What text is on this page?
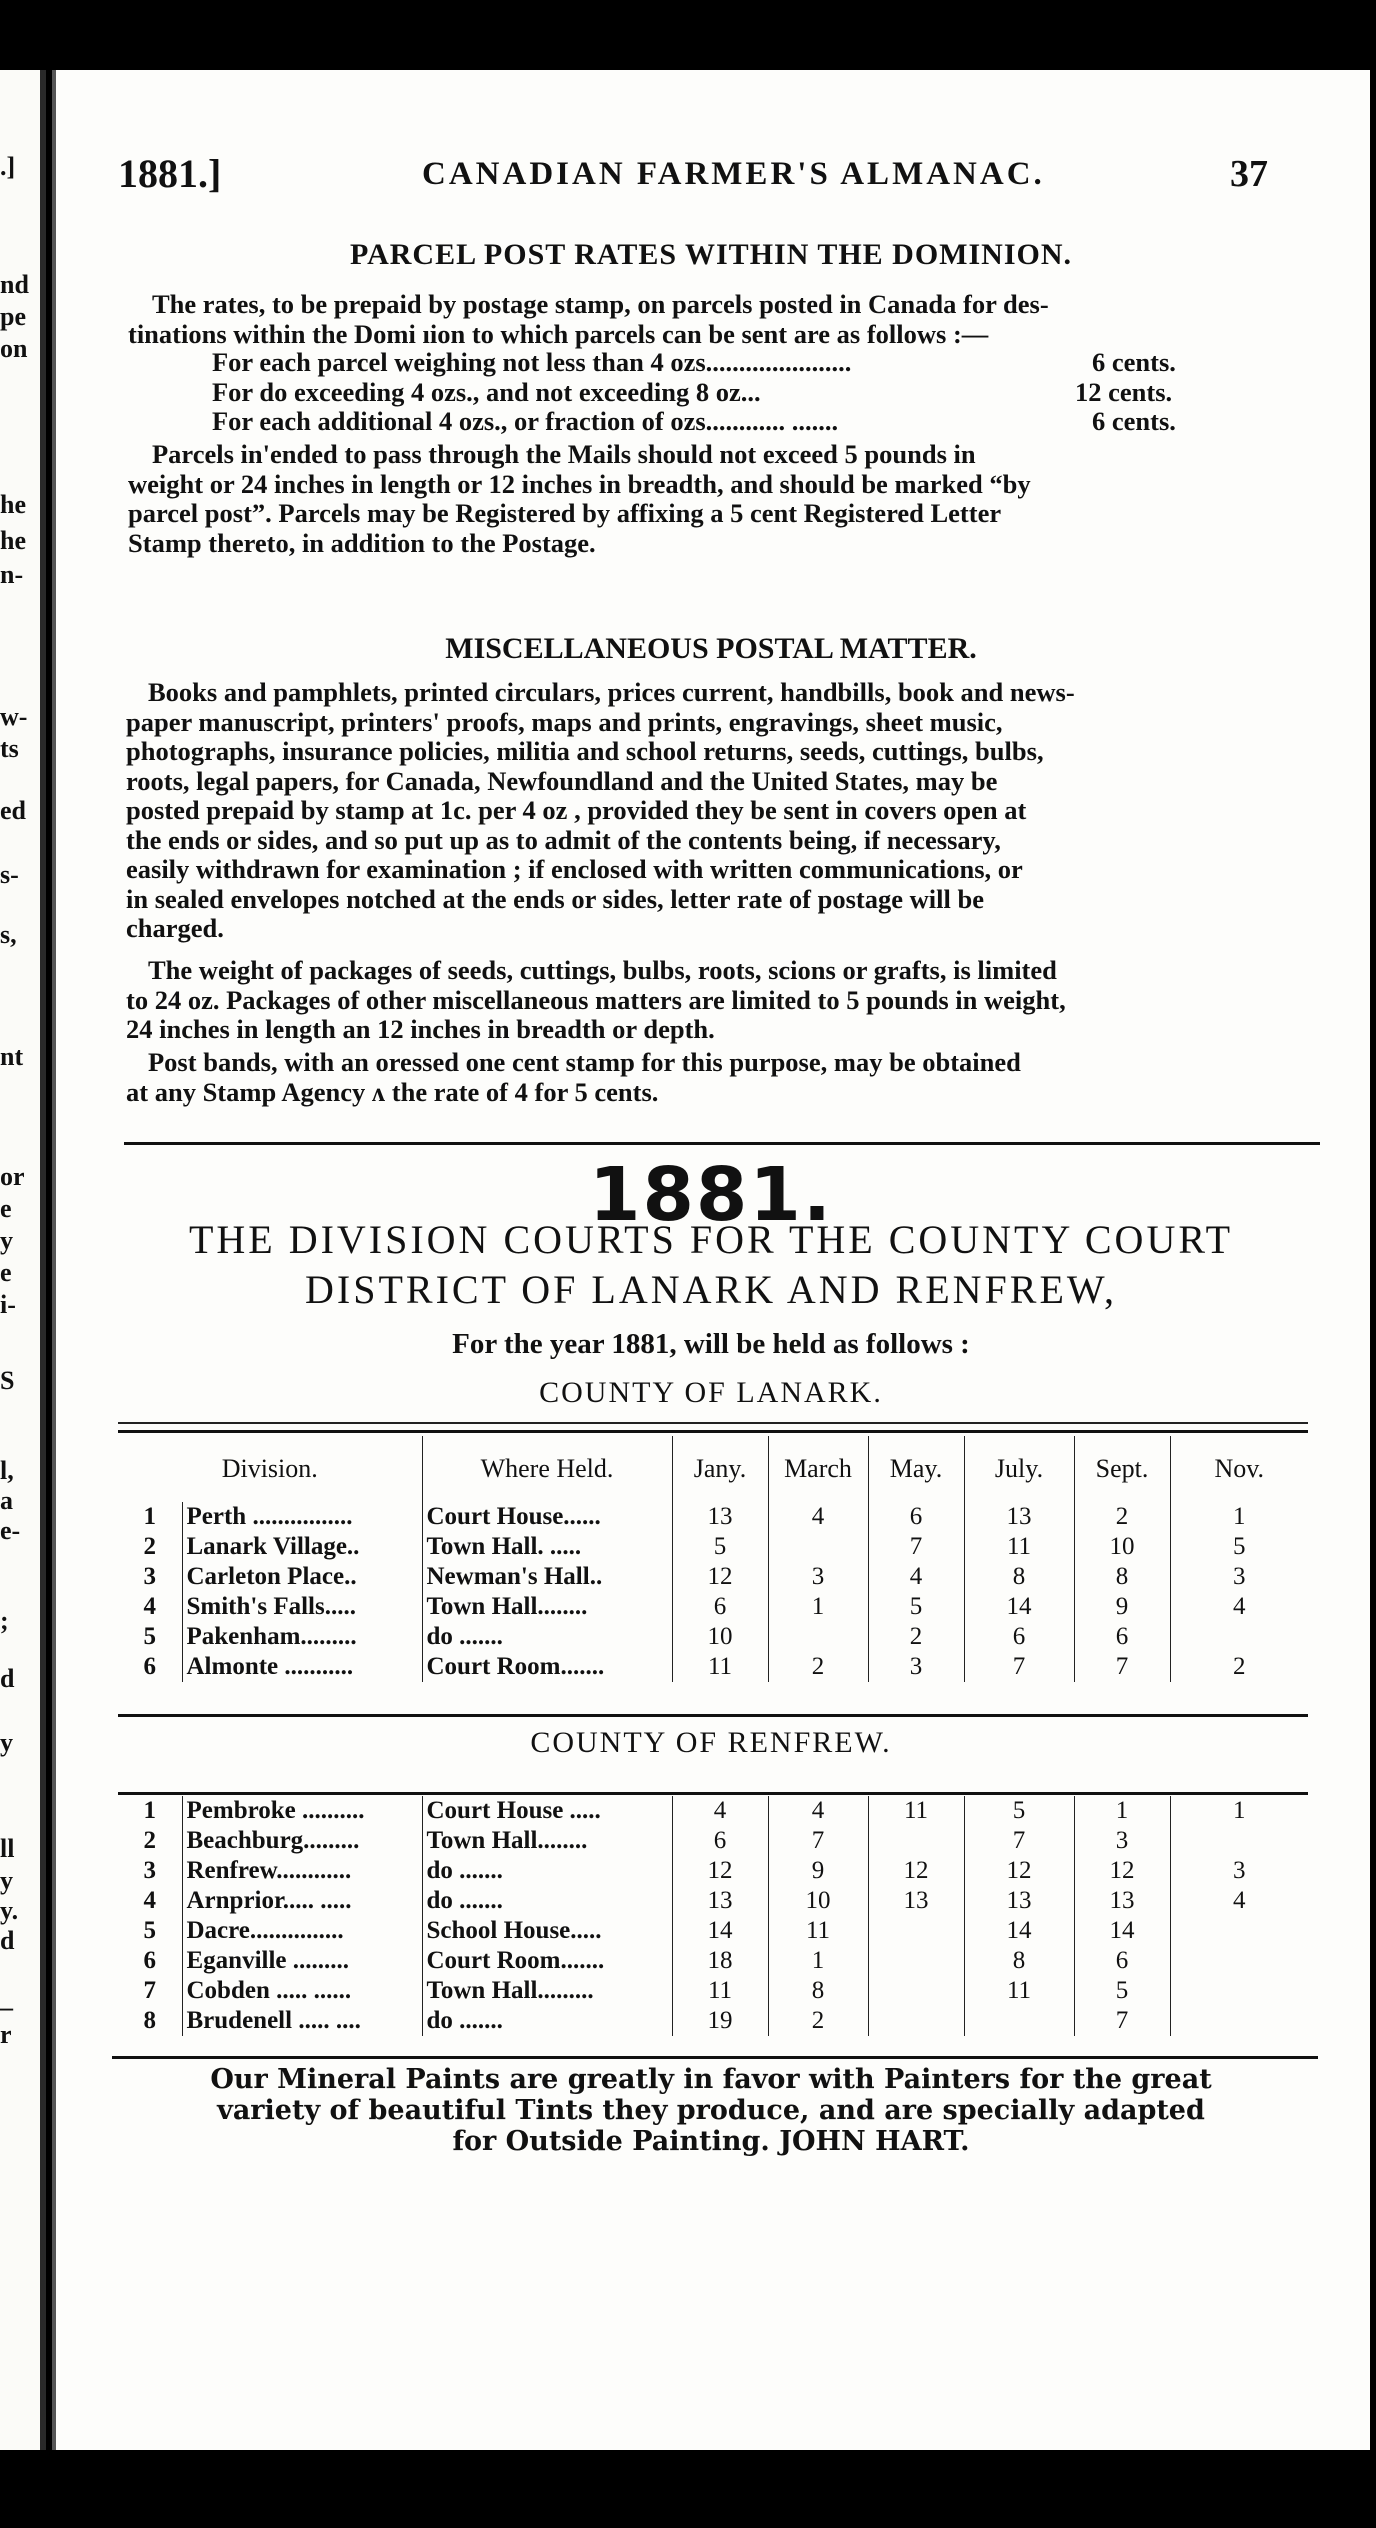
.]
nd
pe
on
he
he
n-
w-
ts
ed
s-
s,
nt
or
e
y
e
i-
S
l,
a
e-
;
d
y
ll
y
y.
d
_
r
1881.]	CANADIAN FARMER'S ALMANAC.	37
PARCEL POST RATES WITHIN THE DOMINION.
The rates, to be prepaid by postage stamp, on parcels posted in Canada for des-
tinations within the Domi ıion to which parcels can be sent are as follows :—
For each parcel weighing not less than 4 ozs......................	6 cents.
For do exceeding 4 ozs., and not exceeding 8 oz...	12 cents.
For each additional 4 ozs., or fraction of ozs............ .......	6 cents.
Parcels in'ended to pass through the Mails should not exceed 5 pounds in
weight or 24 inches in length or 12 inches in breadth, and should be marked “by
parcel post”. Parcels may be Registered by affixing a 5 cent Registered Letter
Stamp thereto, in addition to the Postage.
MISCELLANEOUS POSTAL MATTER.
Books and pamphlets, printed circulars, prices current, handbills, book and news-
paper manuscript, printers' proofs, maps and prints, engravings, sheet music,
photographs, insurance policies, militia and school returns, seeds, cuttings, bulbs,
roots, legal papers, for Canada, Newfoundland and the United States, may be
posted prepaid by stamp at 1c. per 4 oz , provided they be sent in covers open at
the ends or sides, and so put up as to admit of the contents being, if necessary,
easily withdrawn for examination ; if enclosed with written communications, or
in sealed envelopes notched at the ends or sides, letter rate of postage will be
charged.
The weight of packages of seeds, cuttings, bulbs, roots, scions or grafts, is limited
to 24 oz. Packages of other miscellaneous matters are limited to 5 pounds in weight,
24 inches in length an 12 inches in breadth or depth.
Post bands, with an oressed one cent stamp for this purpose, may be obtained
at any Stamp Agency ʌ the rate of 4 for 5 cents.
1881.
THE DIVISION COURTS FOR THE COUNTY COURT
DISTRICT OF LANARK AND RENFREW,
For the year 1881, will be held as follows :
COUNTY OF LANARK.
Division.		Where Held.	Jany.	March	May.	July.	Sept.	Nov.
1	Perth ................	Court House......	13	4	6	13	2	1
2	Lanark Village..	Town Hall. .....	5		7	11	10	5
3	Carleton Place..	Newman's Hall..	12	3	4	8	8	3
4	Smith's Falls.....	Town Hall........	6	1	5	14	9	4
5	Pakenham.........	do .......	10		2	6	6	
6	Almonte ...........	Court Room.......	11	2	3	7	7	2
COUNTY OF RENFREW.
1	Pembroke ..........	Court House .....	4	4	11	5	1	1
2	Beachburg.........	Town Hall........	6	7		7	3	
3	Renfrew............	do .......	12	9	12	12	12	3
4	Arnprior..... .....	do .......	13	10	13	13	13	4
5	Dacre...............	School House.....	14	11		14	14	
6	Eganville .........	Court Room.......	18	1		8	6	
7	Cobden ..... ......	Town Hall.........	11	8		11	5	
8	Brudenell ..... ....	do .......	19	2			7	
Our Mineral Paints are greatly in favor with Painters for the great
variety of beautiful Tints they produce, and are specially adapted
for Outside Painting. JOHN HART.
